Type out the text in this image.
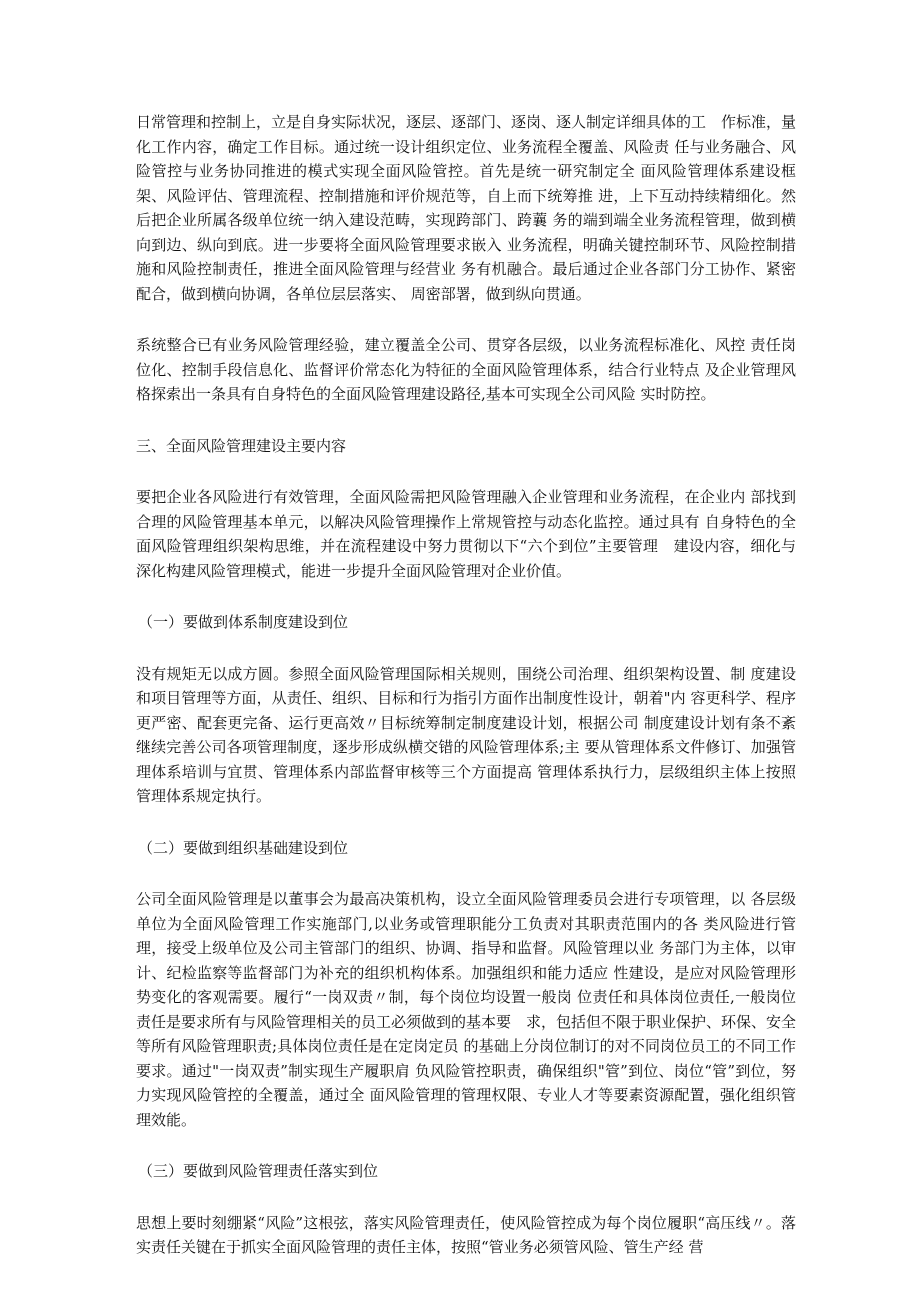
日常管理和控制上，立是自身实际状况，逐层、逐部门、逐岗、逐人制定详细具体的工　作标准，量化工作内容，确定工作目标。通过统一设计组织定位、业务流程全覆盖、风险责 任与业务融合、风险管控与业务协同推进的模式实现全面风险管控。首先是统一研究制定全 面风险管理体系建设框架、风险评估、管理流程、控制措施和评价规范等，自上而下统筹推 进，上下互动持续精细化。然后把企业所属各级单位统一纳入建设范畴，实现跨部门、跨蘘 务的端到端全业务流程管理，做到横向到边、纵向到底。进一步要将全面风险管理要求嵌入 业务流程，明确关键控制环节、风险控制措施和风险控制责任，推进全面风险管理与经营业 务有机融合。最后通过企业各部门分工协作、紧密配合，做到横向协调，各单位层层落实、 周密部署，做到纵向贯通。

系统整合已有业务风险管理经验，建立覆盖全公司、贯穿各层级，以业务流程标准化、风控 责任岗位化、控制手段信息化、监督评价常态化为特征的全面风险管理体系，结合行业特点 及企业管理风格探索出一条具有自身特色的全面风险管理建设路径,基本可实现全公司风险 实时防控。

三、全面风险管理建设主要内容

要把企业各风险进行有效管理，全面风险需把风险管理融入企业管理和业务流程，在企业内 部找到合理的风险管理基本单元，以解决风险管理操作上常规管控与动态化监控。通过具有 自身特色的全面风险管理组织架构思维，并在流程建设中努力贯彻以下“六个到位”主要管理　建设内容，细化与深化构建风险管理模式，能进一步提升全面风险管理对企业价值。

（一）要做到体系制度建设到位

没有规矩无以成方圆。参照全面风险管理国际相关规则，围绕公司治理、组织架构设置、制 度建设和项目管理等方面，从责任、组织、目标和行为指引方面作出制度性设计，朝着"内 容更科学、程序更严密、配套更完备、运行更高效〃目标统筹制定制度建设计划，根据公司 制度建设计划有条不紊继续完善公司各项管理制度，逐步形成纵横交错的风险管理体系;主 要从管理体系文件修订、加强管理体系培训与宜贯、管理体系内部监督审核等三个方面提高 管理体系执行力，层级组织主体上按照管理体系规定执行。

（二）要做到组织基础建设到位

公司全面风险管理是以董事会为最高决策机构，设立全面风险管理委员会进行专项管理，以 各层级单位为全面风险管理工作实施部门,以业务或管理职能分工负责对其职责范围内的各 类风险进行管理，接受上级单位及公司主管部门的组织、协调、指导和监督。风险管理以业 务部门为主体，以审计、纪检监察等监督部门为补充的组织机构体系。加强组织和能力适应 性建设，是应对风险管理形势变化的客观需要。履行“一岗双责〃制，每个岗位均设置一般岗 位责任和具体岗位责任,一般岗位责任是要求所有与风险管理相关的员工必须做到的基本要　求，包括但不限于职业保护、环保、安全等所有风险管理职责;具体岗位责任是在定岗定员 的基础上分岗位制订的对不同岗位员工的不同工作要求。通过"一岗双责”制实现生产履职肩 负风险管控职责，确保组织"管”到位、岗位“管”到位，努力实现风险管控的全覆盖，通过全 面风险管理的管理权限、专业人才等要素资源配置，强化组织管理效能。

（三）要做到风险管理责任落实到位

思想上要时刻绷紧“风险”这根弦，落实风险管理责任，使风险管控成为每个岗位履职“高压线〃。落实责任关键在于抓实全面风险管理的责任主体，按照“管业务必须管风险、管生产经 营
